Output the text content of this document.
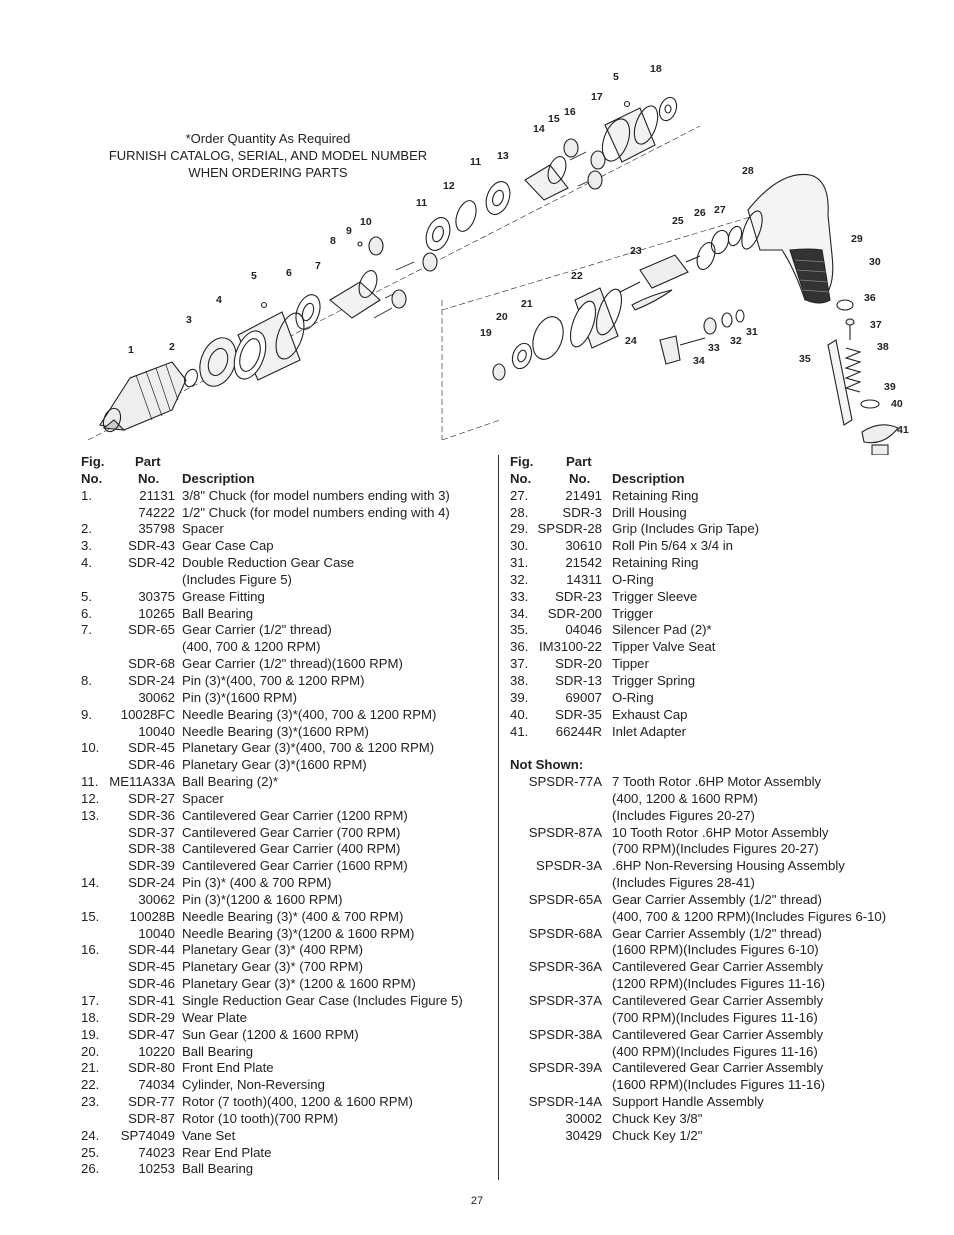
*Order Quantity As Required
FURNISH CATALOG, SERIAL, AND MODEL NUMBER
WHEN ORDERING PARTS
1	2
3
4
5	6
7
8
9
10
11
11
12
13
14
15
16
17
5
18
19
20
21
22
23
24
25
26 27
28
29
30
31
32
33
34	35
36
37
38
39
40
41
Fig. Part
No.	No. Description
1.	21131 3/8" Chuck (for model numbers ending with 3)
74222 1/2" Chuck (for model numbers ending with 4)
2.	35798 Spacer
3.	SDR-43 Gear Case Cap
4.	SDR-42 Double Reduction Gear Case
(Includes Figure 5)
5.	30375 Grease Fitting
6.	10265 Ball Bearing
7.	SDR-65 Gear Carrier (1/2" thread)
(400, 700 & 1200 RPM)
SDR-68 Gear Carrier (1/2" thread)(1600 RPM)
8.	SDR-24 Pin (3)*(400, 700 & 1200 RPM)
30062 Pin (3)*(1600 RPM)
9.	10028FC Needle Bearing (3)*(400, 700 & 1200 RPM)
10040 Needle Bearing (3)*(1600 RPM)
10.	SDR-45 Planetary Gear (3)*(400, 700 & 1200 RPM)
SDR-46 Planetary Gear (3)*(1600 RPM)
11. ME11A33A Ball Bearing (2)*
12.	SDR-27 Spacer
13.	SDR-36 Cantilevered Gear Carrier (1200 RPM)
SDR-37 Cantilevered Gear Carrier (700 RPM)
SDR-38 Cantilevered Gear Carrier (400 RPM)
SDR-39 Cantilevered Gear Carrier (1600 RPM)
14.	SDR-24 Pin (3)* (400 & 700 RPM)
30062 Pin (3)*(1200 & 1600 RPM)
15.	10028B Needle Bearing (3)* (400 & 700 RPM)
10040 Needle Bearing (3)*(1200 & 1600 RPM)
16.	SDR-44 Planetary Gear (3)* (400 RPM)
SDR-45 Planetary Gear (3)* (700 RPM)
SDR-46 Planetary Gear (3)* (1200 & 1600 RPM)
17.	SDR-41 Single Reduction Gear Case (Includes Figure 5)
18.	SDR-29 Wear Plate
19.	SDR-47 Sun Gear (1200 & 1600 RPM)
20.	10220 Ball Bearing
21.	SDR-80 Front End Plate
22.	74034 Cylinder, Non-Reversing
23.	SDR-77 Rotor (7 tooth)(400, 1200 & 1600 RPM)
SDR-87 Rotor (10 tooth)(700 RPM)
24.	SP74049 Vane Set
25.	74023 Rear End Plate
26.	10253 Ball Bearing
Fig. Part
No.	No. Description
27.	21491 Retaining Ring
28.	SDR-3 Drill Housing
29. SPSDR-28 Grip (Includes Grip Tape)
30.	30610 Roll Pin 5/64 x 3/4 in
31.	21542 Retaining Ring
32.	14311 O-Ring
33.	SDR-23 Trigger Sleeve
34.	SDR-200 Trigger
35.	04046 Silencer Pad (2)*
36. IM3100-22 Tipper Valve Seat
37.	SDR-20 Tipper
38.	SDR-13 Trigger Spring
39.	69007 O-Ring
40.	SDR-35 Exhaust Cap
41.	66244R Inlet Adapter
Not Shown:
SPSDR-77A 7 Tooth Rotor .6HP Motor Assembly
(400, 1200 & 1600 RPM)
(Includes Figures 20-27)
SPSDR-87A 10 Tooth Rotor .6HP Motor Assembly
(700 RPM)(Includes Figures 20-27)
SPSDR-3A .6HP Non-Reversing Housing Assembly
(Includes Figures 28-41)
SPSDR-65A Gear Carrier Assembly (1/2" thread)
(400, 700 & 1200 RPM)(Includes Figures 6-10)
SPSDR-68A Gear Carrier Assembly (1/2" thread)
(1600 RPM)(Includes Figures 6-10)
SPSDR-36A Cantilevered Gear Carrier Assembly
(1200 RPM)(Includes Figures 11-16)
SPSDR-37A Cantilevered Gear Carrier Assembly
(700 RPM)(Includes Figures 11-16)
SPSDR-38A Cantilevered Gear Carrier Assembly
(400 RPM)(Includes Figures 11-16)
SPSDR-39A Cantilevered Gear Carrier Assembly
(1600 RPM)(Includes Figures 11-16)
SPSDR-14A Support Handle Assembly
30002 Chuck Key 3/8"
30429 Chuck Key 1/2"
27
